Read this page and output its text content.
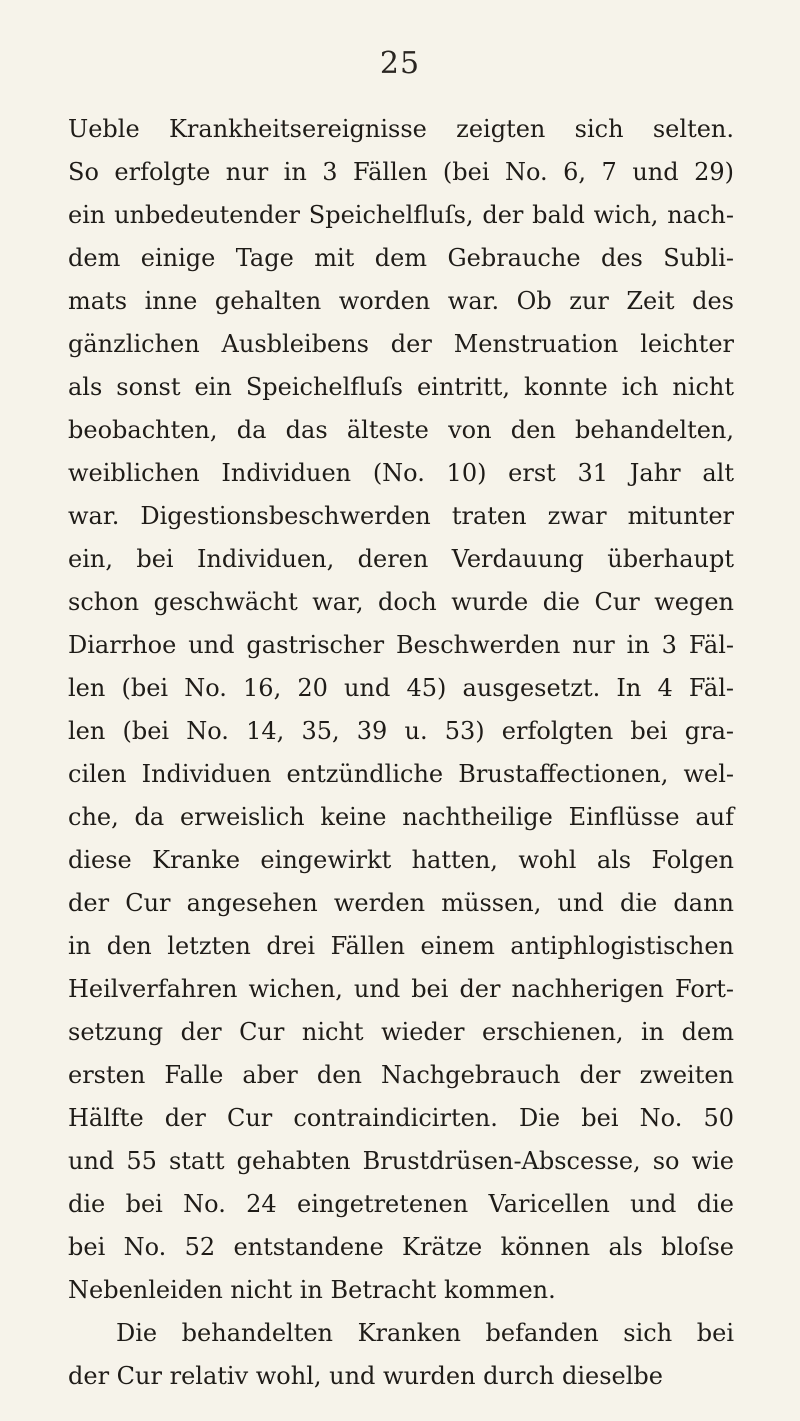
25
Ueble Krankheitsereignisse zeigten sich selten.
So erfolgte nur in 3 Fällen (bei No. 6, 7 und 29)
ein unbedeutender Speichelfluſs, der bald wich, nach-
dem einige Tage mit dem Gebrauche des Subli-
mats inne gehalten worden war. Ob zur Zeit des
gänzlichen Ausbleibens der Menstruation leichter
als sonst ein Speichelfluſs eintritt, konnte ich nicht
beobachten, da das älteste von den behandelten,
weiblichen Individuen (No. 10) erst 31 Jahr alt
war. Digestionsbeschwerden traten zwar mitunter
ein, bei Individuen, deren Verdauung überhaupt
schon geschwächt war, doch wurde die Cur wegen
Diarrhoe und gastrischer Beschwerden nur in 3 Fäl-
len (bei No. 16, 20 und 45) ausgesetzt. In 4 Fäl-
len (bei No. 14, 35, 39 u. 53) erfolgten bei gra-
cilen Individuen entzündliche Brustaffectionen, wel-
che, da erweislich keine nachtheilige Einflüsse auf
diese Kranke eingewirkt hatten, wohl als Folgen
der Cur angesehen werden müssen, und die dann
in den letzten drei Fällen einem antiphlogistischen
Heilverfahren wichen, und bei der nachherigen Fort-
setzung der Cur nicht wieder erschienen, in dem
ersten Falle aber den Nachgebrauch der zweiten
Hälfte der Cur contraindicirten. Die bei No. 50
und 55 statt gehabten Brustdrüsen-Abscesse, so wie
die bei No. 24 eingetretenen Varicellen und die
bei No. 52 entstandene Krätze können als bloſse
Nebenleiden nicht in Betracht kommen.
Die behandelten Kranken befanden sich bei
der Cur relativ wohl, und wurden durch dieselbe
